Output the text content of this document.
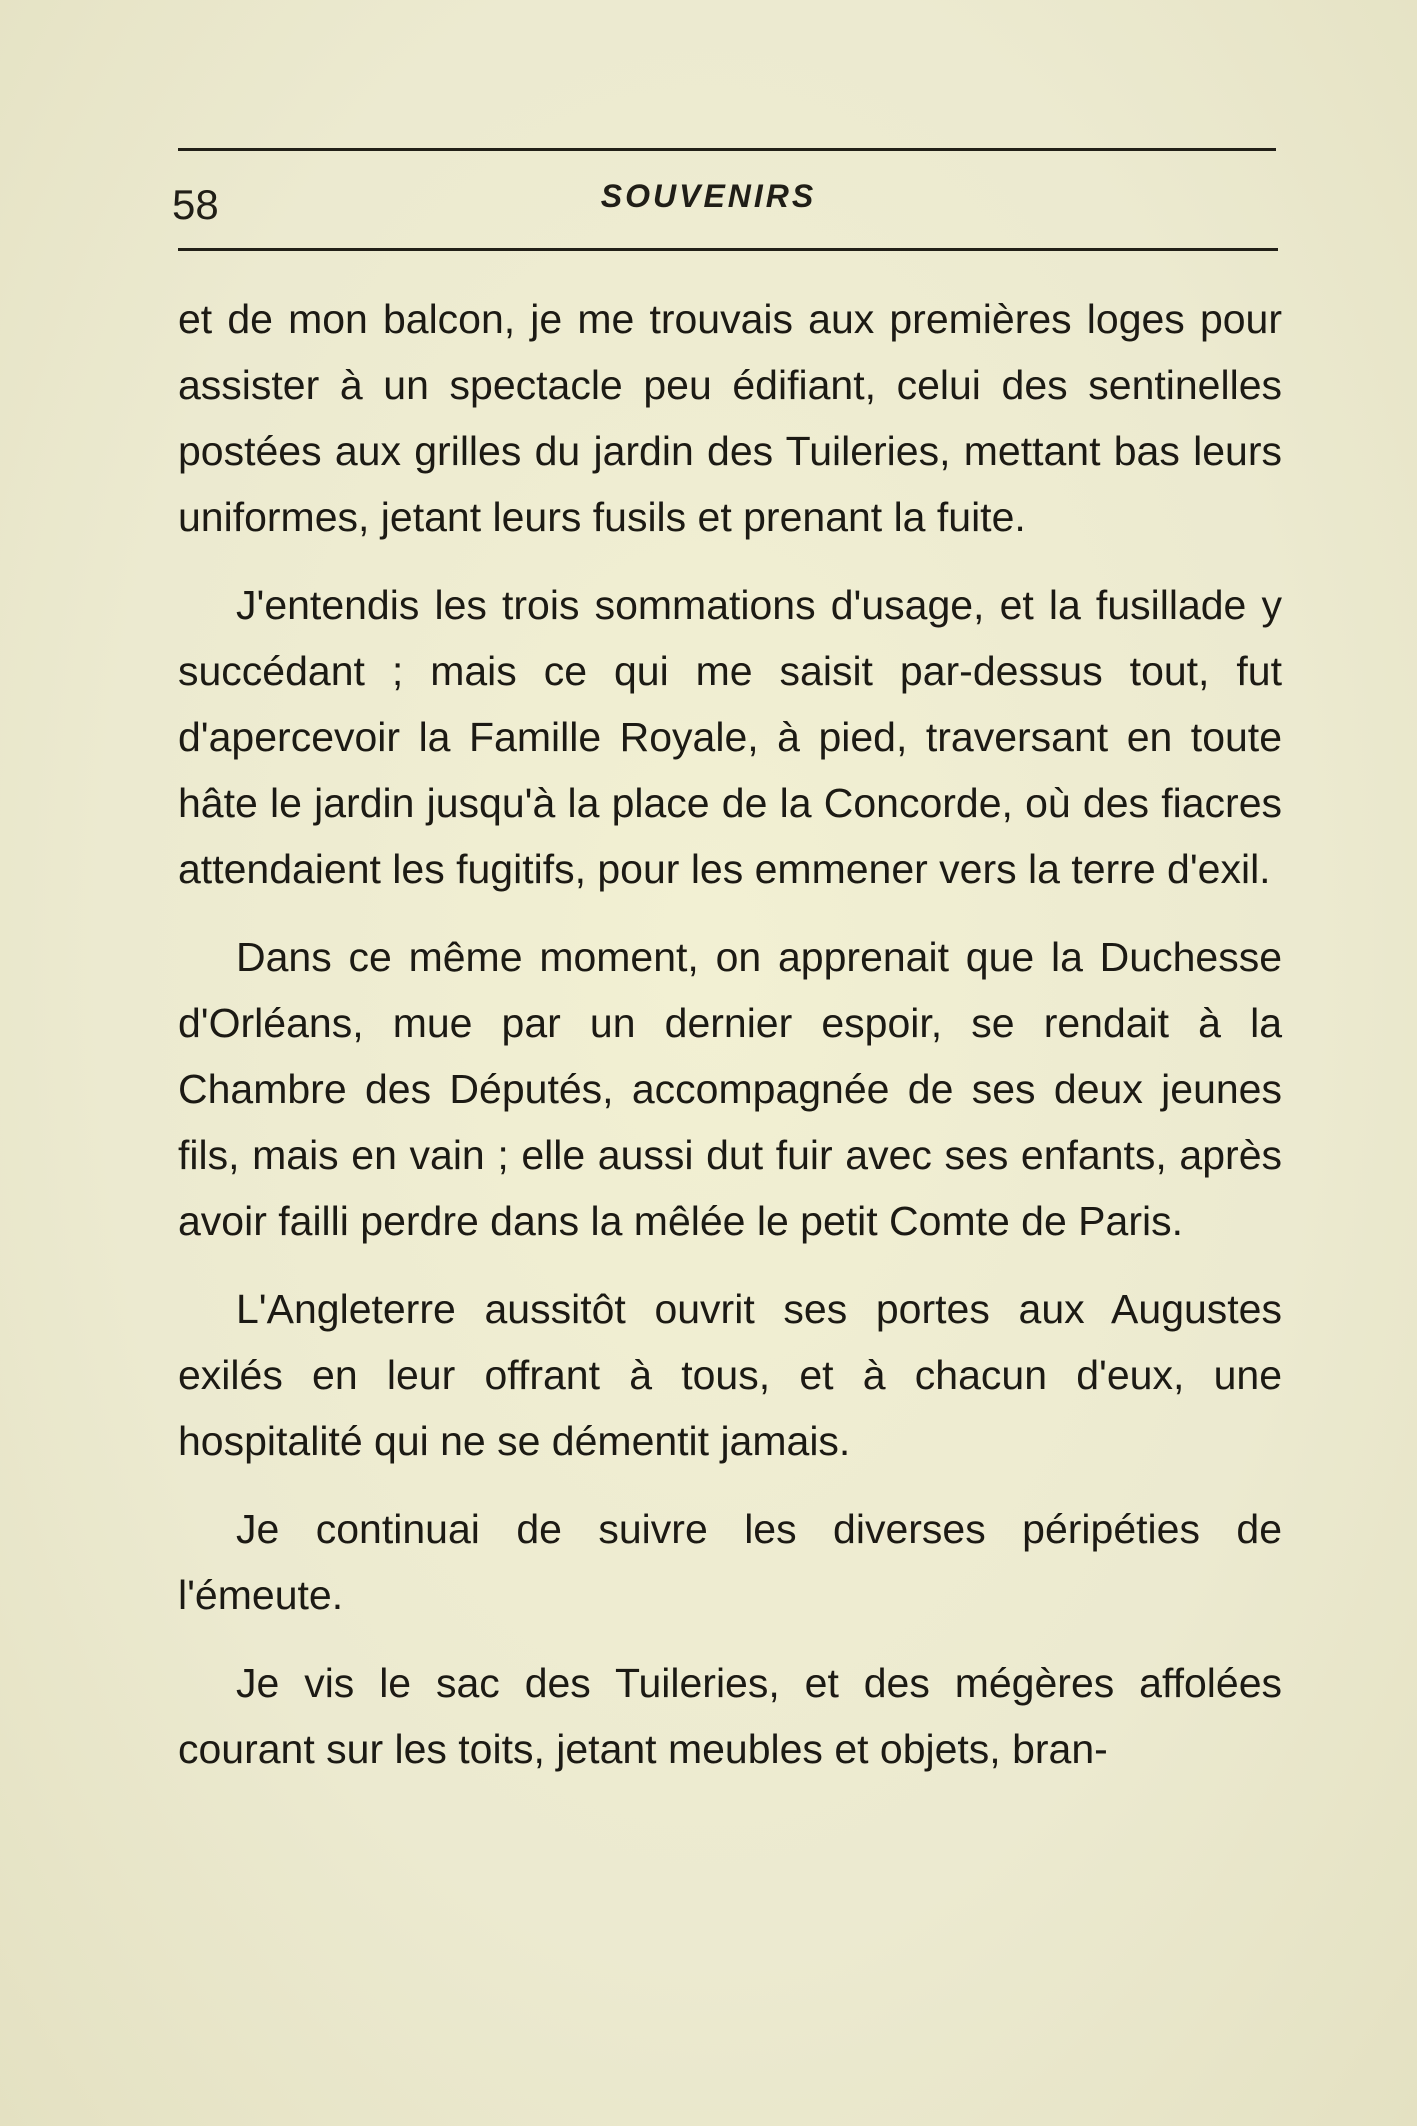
58	SOUVENIRS

et de mon balcon, je me trouvais aux premières loges pour assister à un spectacle peu édifiant, celui des sentinelles postées aux grilles du jardin des Tuileries, mettant bas leurs uniformes, jetant leurs fusils et prenant la fuite.

J'entendis les trois sommations d'usage, et la fusillade y succédant ; mais ce qui me saisit par-dessus tout, fut d'apercevoir la Famille Royale, à pied, traversant en toute hâte le jardin jusqu'à la place de la Concorde, où des fiacres attendaient les fugitifs, pour les emmener vers la terre d'exil.

Dans ce même moment, on apprenait que la Duchesse d'Orléans, mue par un dernier espoir, se rendait à la Chambre des Députés, accompagnée de ses deux jeunes fils, mais en vain ; elle aussi dut fuir avec ses enfants, après avoir failli perdre dans la mêlée le petit Comte de Paris.

L'Angleterre aussitôt ouvrit ses portes aux Augustes exilés en leur offrant à tous, et à chacun d'eux, une hospitalité qui ne se démentit jamais.

Je continuai de suivre les diverses péripéties de l'émeute.

Je vis le sac des Tuileries, et des mégères affolées courant sur les toits, jetant meubles et objets, bran-
